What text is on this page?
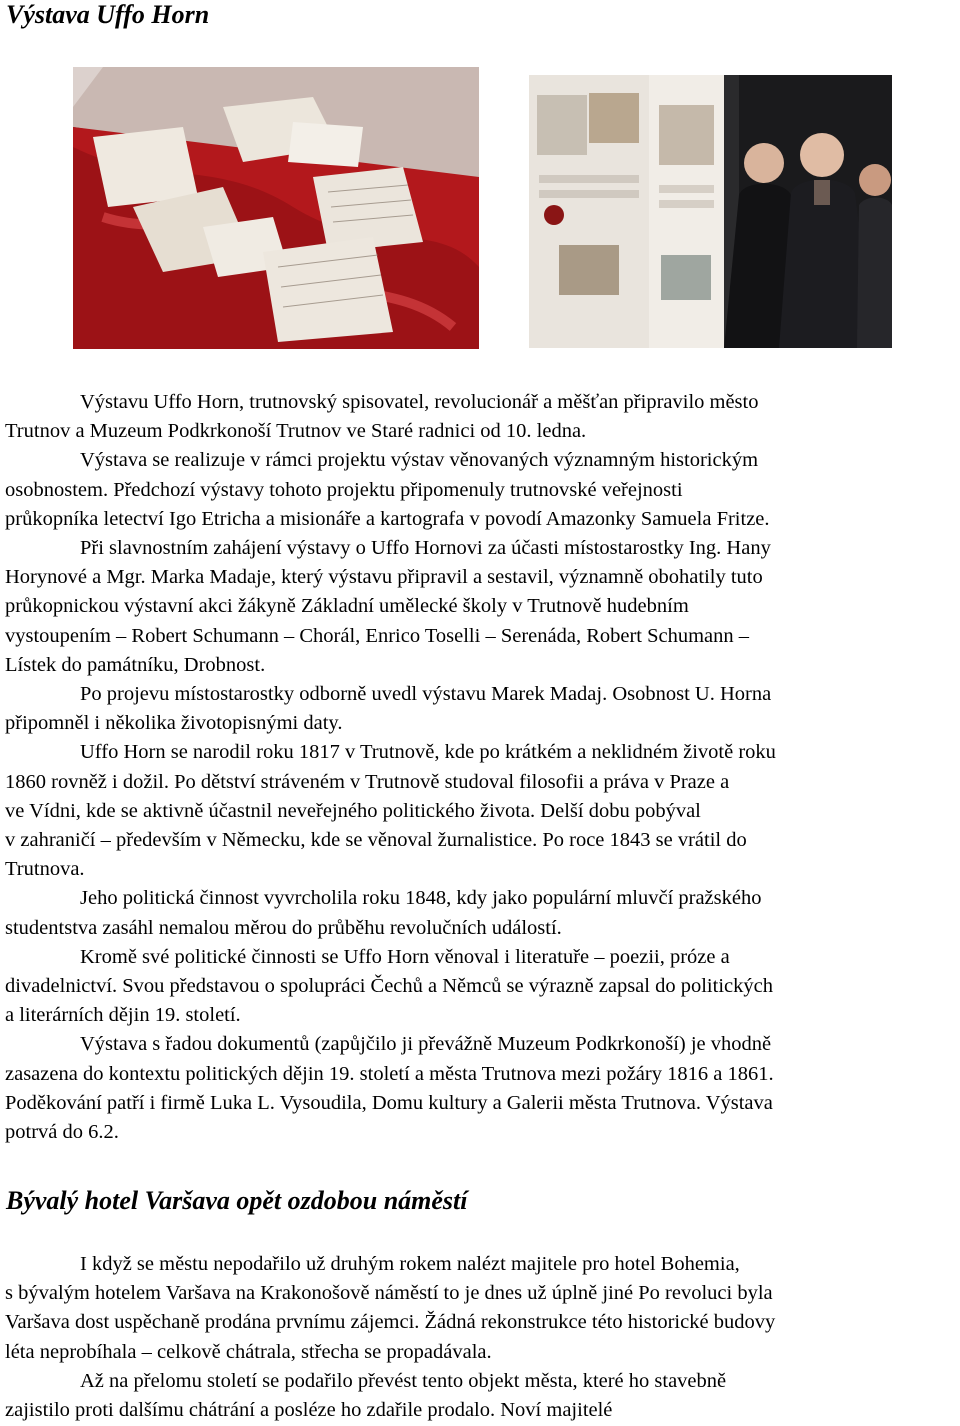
Výstava Uffo Horn
Výstavu Uffo Horn, trutnovský spisovatel, revolucionář a měšťan připravilo město
Trutnov a Muzeum Podkrkonoší Trutnov ve Staré radnici od 10. ledna.
Výstava se realizuje v rámci projektu výstav věnovaných významným historickým
osobnostem. Předchozí výstavy tohoto projektu připomenuly trutnovské veřejnosti
průkopníka letectví Igo Etricha a misionáře a kartografa v povodí Amazonky Samuela Fritze.
Při slavnostním zahájení výstavy o Uffo Hornovi za účasti místostarostky Ing. Hany
Horynové a Mgr. Marka Madaje, který výstavu připravil a sestavil, významně obohatily tuto
průkopnickou výstavní akci žákyně Základní umělecké školy v Trutnově hudebním
vystoupením – Robert Schumann – Chorál, Enrico Toselli – Serenáda, Robert Schumann –
Lístek do památníku, Drobnost.
Po projevu místostarostky odborně uvedl výstavu Marek Madaj. Osobnost U. Horna
připomněl i několika životopisnými daty.
Uffo Horn se narodil roku 1817 v Trutnově, kde po krátkém a neklidném životě roku
1860 rovněž i dožil. Po dětství stráveném v Trutnově studoval filosofii a práva v Praze a
ve Vídni, kde se aktivně účastnil neveřejného politického života. Delší dobu pobýval
v zahraničí – především v Německu, kde se věnoval žurnalistice. Po roce 1843 se vrátil do
Trutnova.
Jeho politická činnost vyvrcholila roku 1848, kdy jako populární mluvčí pražského
studentstva zasáhl nemalou měrou do průběhu revolučních událostí.
Kromě své politické činnosti se Uffo Horn věnoval i literatuře – poezii, próze a
divadelnictví. Svou představou o spolupráci Čechů a Němců se výrazně zapsal do politických
a literárních dějin 19. století.
Výstava s řadou dokumentů (zapůjčilo ji převážně Muzeum Podkrkonoší) je vhodně
zasazena do kontextu politických dějin 19. století a města Trutnova mezi požáry 1816 a 1861.
Poděkování patří i firmě Luka L. Vysoudila, Domu kultury a Galerii města Trutnova. Výstava
potrvá do 6.2.
Bývalý hotel Varšava opět ozdobou náměstí
I když se městu nepodařilo už druhým rokem nalézt majitele pro hotel Bohemia,
s bývalým hotelem Varšava na Krakonošově náměstí to je dnes už úplně jiné Po revoluci byla
Varšava dost uspěchaně prodána prvnímu zájemci. Žádná rekonstrukce této historické budovy
léta neprobíhala – celkově chátrala, střecha se propadávala.
Až na přelomu století se podařilo převést tento objekt města, které ho stavebně
zajistilo proti dalšímu chátrání a posléze ho zdařile prodalo. Noví majitelé
